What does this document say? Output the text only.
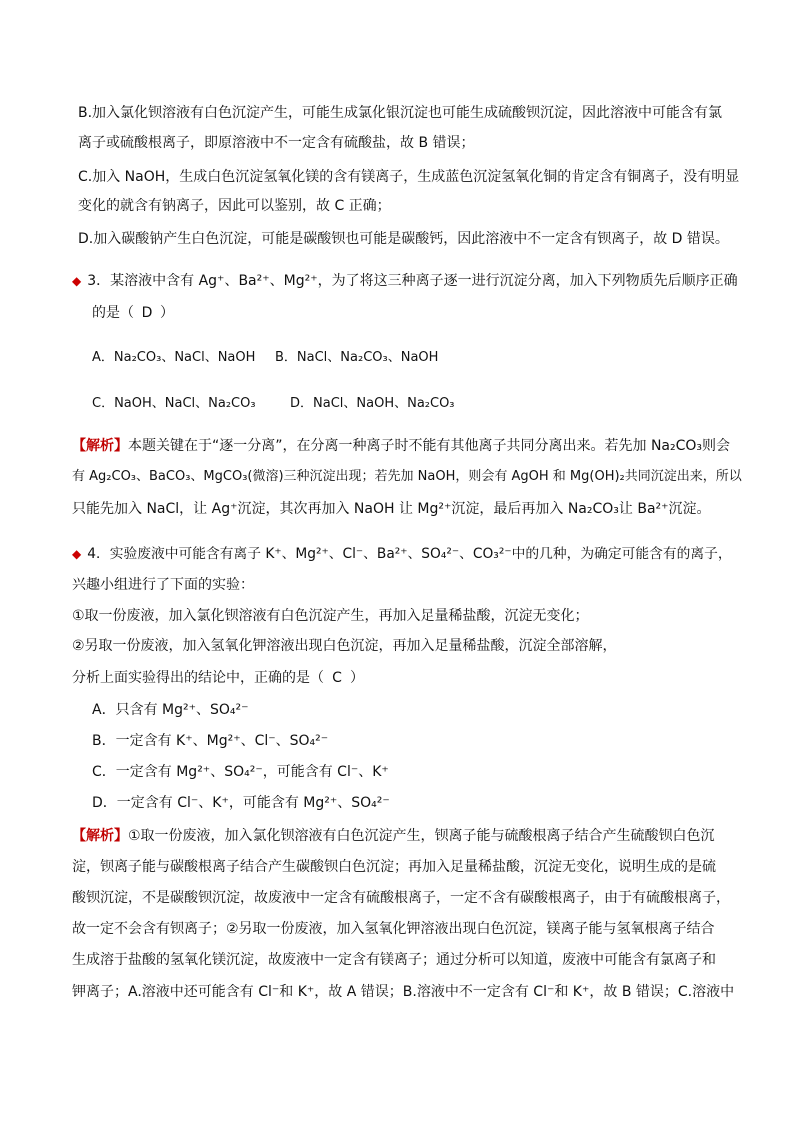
B.加入氯化钡溶液有白色沉淀产生，可能生成氯化银沉淀也可能生成硫酸钡沉淀，因此溶液中可能含有氯
离子或硫酸根离子，即原溶液中不一定含有硫酸盐，故 B 错误；
C.加入 NaOH，生成白色沉淀氢氧化镁的含有镁离子，生成蓝色沉淀氢氧化铜的肯定含有铜离子，没有明显
变化的就含有钠离子，因此可以鉴别，故 C 正确；
D.加入碳酸钠产生白色沉淀，可能是碳酸钡也可能是碳酸钙，因此溶液中不一定含有钡离子，故 D 错误。
◆ 3．某溶液中含有 Ag⁺、Ba²⁺、Mg²⁺，为了将这三种离子逐一进行沉淀分离，加入下列物质先后顺序正确
的是（ D ）
A．Na₂CO₃、NaCl、NaOH B．NaCl、Na₂CO₃、NaOH
C．NaOH、NaCl、Na₂CO₃	D．NaCl、NaOH、Na₂CO₃
【解析】本题关键在于“逐一分离”，在分离一种离子时不能有其他离子共同分离出来。若先加 Na₂CO₃则会
有 Ag₂CO₃、BaCO₃、MgCO₃(微溶)三种沉淀出现；若先加 NaOH，则会有 AgOH 和 Mg(OH)₂共同沉淀出来，所以
只能先加入 NaCl，让 Ag⁺沉淀，其次再加入 NaOH 让 Mg²⁺沉淀，最后再加入 Na₂CO₃让 Ba²⁺沉淀。
◆ 4．实验废液中可能含有离子 K⁺、Mg²⁺、Cl⁻、Ba²⁺、SO₄²⁻、CO₃²⁻中的几种，为确定可能含有的离子，
兴趣小组进行了下面的实验：
①取一份废液，加入氯化钡溶液有白色沉淀产生，再加入足量稀盐酸，沉淀无变化；
②另取一份废液，加入氢氧化钾溶液出现白色沉淀，再加入足量稀盐酸，沉淀全部溶解，
分析上面实验得出的结论中，正确的是（ C ）
A．只含有 Mg²⁺、SO₄²⁻
B．一定含有 K⁺、Mg²⁺、Cl⁻、SO₄²⁻
C．一定含有 Mg²⁺、SO₄²⁻，可能含有 Cl⁻、K⁺
D．一定含有 Cl⁻、K⁺，可能含有 Mg²⁺、SO₄²⁻
【解析】①取一份废液，加入氯化钡溶液有白色沉淀产生，钡离子能与硫酸根离子结合产生硫酸钡白色沉
淀，钡离子能与碳酸根离子结合产生碳酸钡白色沉淀；再加入足量稀盐酸，沉淀无变化，说明生成的是硫
酸钡沉淀，不是碳酸钡沉淀，故废液中一定含有硫酸根离子，一定不含有碳酸根离子，由于有硫酸根离子，
故一定不会含有钡离子；②另取一份废液，加入氢氧化钾溶液出现白色沉淀，镁离子能与氢氧根离子结合
生成溶于盐酸的氢氧化镁沉淀，故废液中一定含有镁离子；通过分析可以知道，废液中可能含有氯离子和
钾离子；A.溶液中还可能含有 Cl⁻和 K⁺，故 A 错误；B.溶液中不一定含有 Cl⁻和 K⁺，故 B 错误；C.溶液中
